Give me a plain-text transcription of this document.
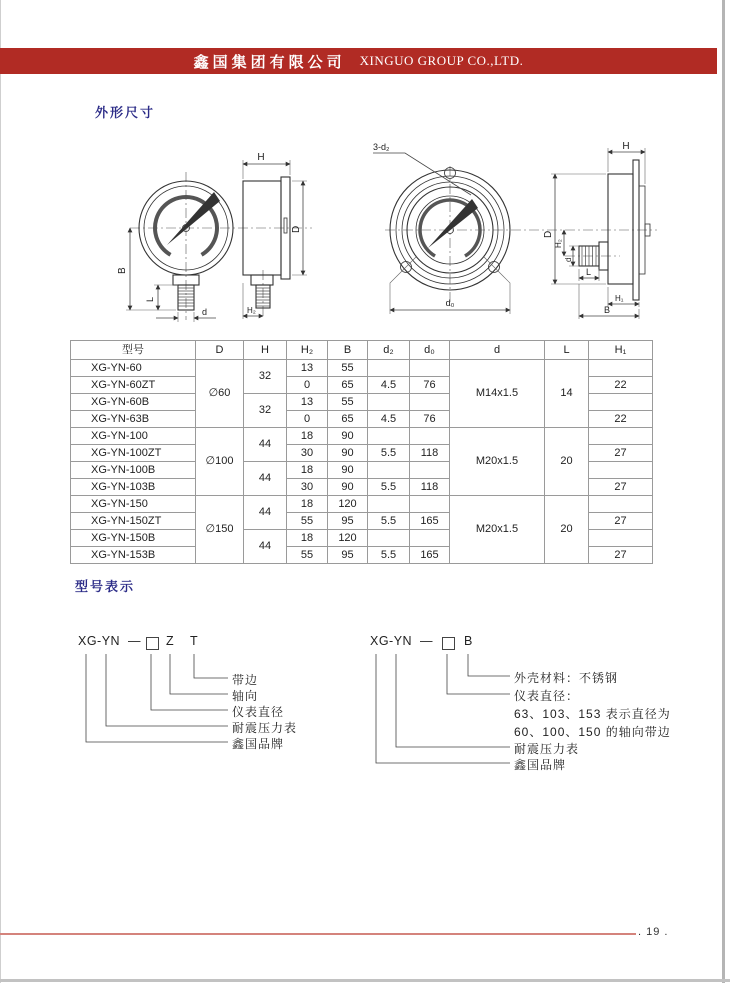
鑫国集团有限公司 XINGUO GROUP CO.,LTD.
外形尺寸
B
L
d
H
D
H₂
3-d₂
d₀
H
D
H₂
d
L
H₁
B
型号	D	H	H₂	B	d₂	d₀	d	L	H₁
XG-YN-60	∅60	32	13	55			M14x1.5	14	
XG-YN-60ZT			0	65	4.5	76			22
XG-YN-60B		32	13	55					
XG-YN-63B			0	65	4.5	76			22
XG-YN-100	∅100	44	18	90			M20x1.5	20	
XG-YN-100ZT			30	90	5.5	118			27
XG-YN-100B		44	18	90					
XG-YN-103B			30	90	5.5	118			27
XG-YN-150	∅150	44	18	120			M20x1.5	20	
XG-YN-150ZT			55	95	5.5	165			27
XG-YN-150B		44	18	120					
XG-YN-153B			55	95	5.5	165			27
型号表示
XG-YN — Z T
带边
轴向
仪表直径
耐震压力表
鑫国品牌
XG-YN — B
外壳材料：不锈钢
仪表直径：
63、103、153 表示直径为
60、100、150 的轴向带边
耐震压力表
鑫国品牌
. 19 .
